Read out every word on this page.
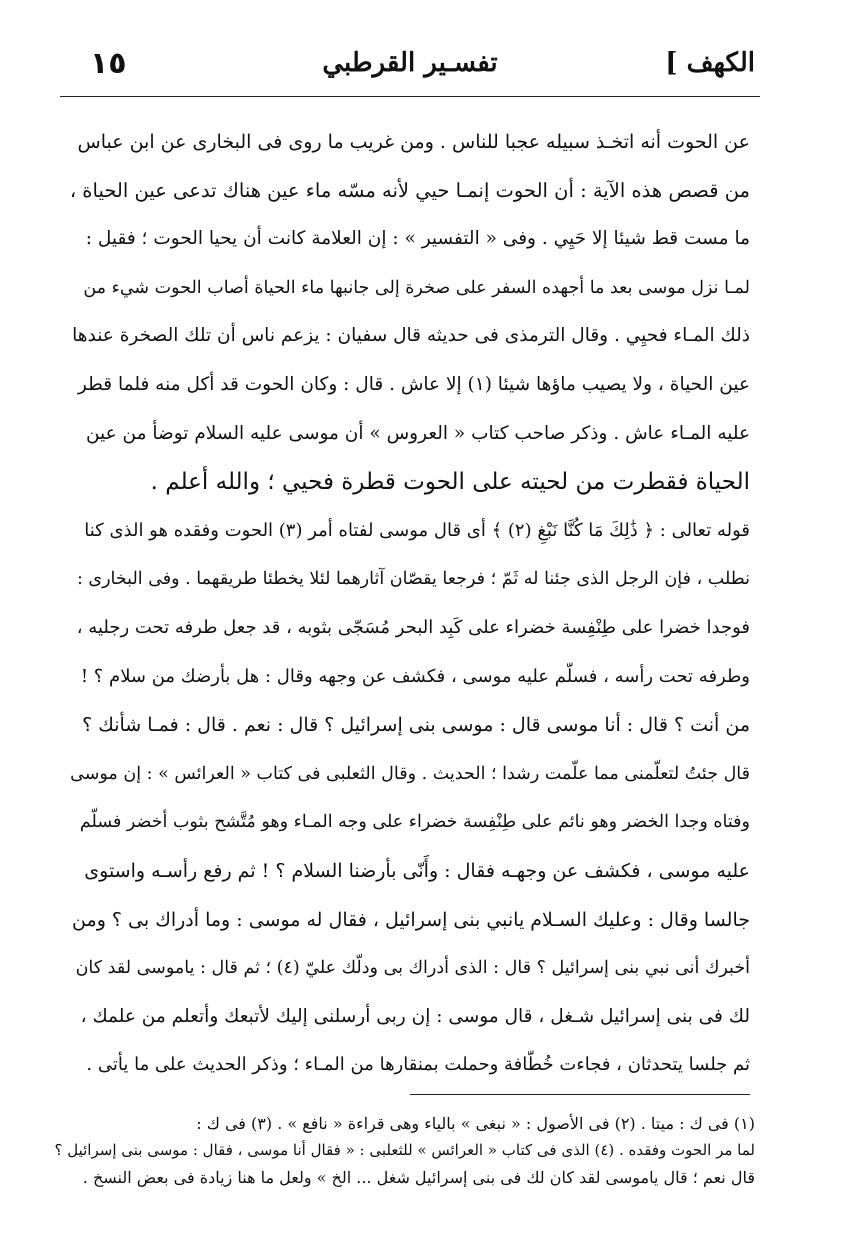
١٥	تفسـير القرطبي	الكهف ]
عن الحوت أنه اتخـذ سبيله عجبا للناس . ومن غريب ما روى فى البخارى عن ابن عباس
من قصص هذه الآية : أن الحوت إنمـا حيي لأنه مسّه ماء عين هناك تدعى عين الحياة ،
ما مست قط شيئا إلا حَيِي . وفى « التفسير » : إن العلامة كانت أن يحيا الحوت ؛ فقيل :
لمـا نزل موسى بعد ما أجهده السفر على صخرة إلى جانبها ماء الحياة أصاب الحوت شيء من
ذلك المـاء فحيِي . وقال الترمذى فى حديثه قال سفيان : يزعم ناس أن تلك الصخرة عندها
عين الحياة ، ولا يصيب ماؤها شيئا (١) إلا عاش . قال : وكان الحوت قد أكل منه فلما قطر
عليه المـاء عاش . وذكر صاحب كتاب « العروس » أن موسى عليه السلام توضأ من عين
الحياة فقطرت من لحيته على الحوت قطرة فحيي ؛ والله أعلم .
قوله تعالى : ﴿ ذَٰلِكَ مَا كُنَّا نَبْغِ (٢) ﴾ أى قال موسى لفتاه أمر (٣) الحوت وفقده هو الذى كنا
نطلب ، فإن الرجل الذى جئنا له ثَمّ ؛ فرجعا يقصّان آثارهما لئلا يخطئا طريقهما . وفى البخارى :
فوجدا خضرا على طِنْفِسة خضراء على كَبِد البحر مُسَجّى بثوبه ، قد جعل طرفه تحت رجليه ،
وطرفه تحت رأسه ، فسلّم عليه موسى ، فكشف عن وجهه وقال : هل بأرضك من سلام ؟ !
من أنت ؟ قال : أنا موسى قال : موسى بنى إسرائيل ؟ قال : نعم . قال : فمـا شأنك ؟
قال جئتُ لتعلّمنى مما علّمت رشدا ؛ الحديث . وقال الثعلبى فى كتاب « العرائس » : إن موسى
وفتاه وجدا الخضر وهو نائم على طِنْفِسة خضراء على وجه المـاء وهو مُتَّشح بثوب أخضر فسلّم
عليه موسى ، فكشف عن وجهـه فقال : وأَنّى بأرضنا السلام ؟ ! ثم رفع رأسـه واستوى
جالسا وقال : وعليك السـلام يانبي بنى إسرائيل ، فقال له موسى : وما أدراك بى ؟ ومن
أخبرك أنى نبي بنى إسرائيل ؟ قال : الذى أدراك بى ودلّك عليّ (٤) ؛ ثم قال : ياموسى لقد كان
لك فى بنى إسرائيل شـغل ، قال موسى : إن ربى أرسلنى إليك لأتبعك وأتعلم من علمك ،
ثم جلسا يتحدثان ، فجاءت خُطّافة وحملت بمنقارها من المـاء ؛ وذكر الحديث على ما يأتى .
(١) فى ك : ميتا . (٢) فى الأصول : « نبغى » بالياء وهى قراءة « نافع » . (٣) فى ك :
لما مر الحوت وفقده . (٤) الذى فى كتاب « العرائس » للثعلبى : « فقال أنا موسى ، فقال : موسى بنى إسرائيل ؟
قال نعم ؛ قال ياموسى لقد كان لك فى بنى إسرائيل شغل ... الخ » ولعل ما هنا زيادة فى بعض النسخ .
